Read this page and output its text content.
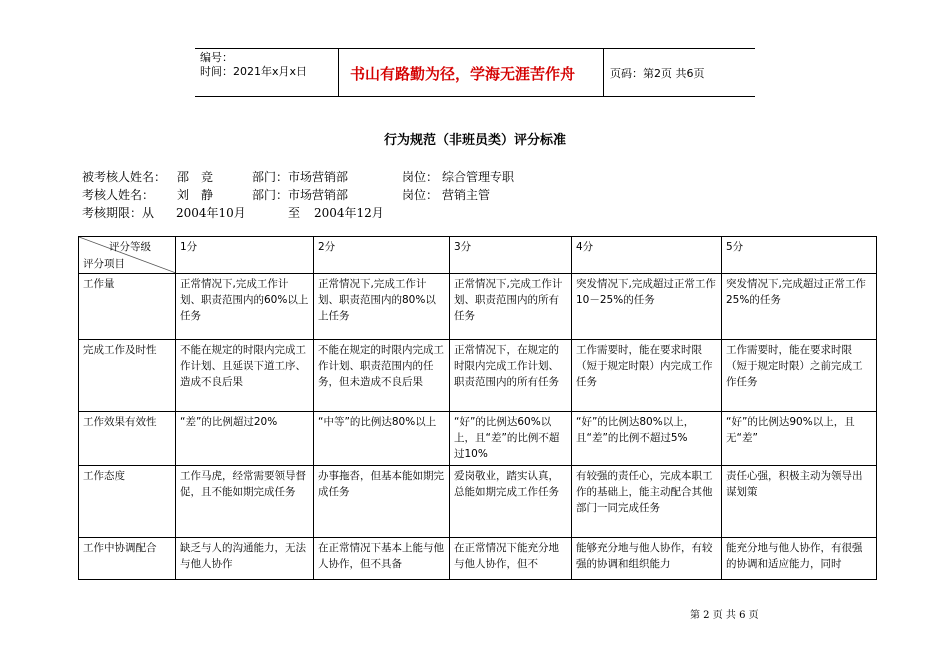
编号：
时间：2021年x月x日	书山有路勤为径，学海无涯苦作舟	页码：第2页 共6页
行为规范（非班员类）评分标准
被考核人姓名： 邵　竞	部门： 市场营销部	岗位： 综合管理专职
考核人姓名： 刘　静	部门： 市场营销部	岗位： 营销主管
考核期限：从 2004年10月	至 2004年12月
评分等级
评分项目	1分	2分	3分	4分	5分
工作量	正常情况下,完成工作计划、职责范围内的60%以上任务	正常情况下,完成工作计划、职责范围内的80%以上任务	正常情况下,完成工作计划、职责范围内的所有任务	突发情况下,完成超过正常工作10－25%的任务	突发情况下,完成超过正常工作25%的任务
完成工作及时性	不能在规定的时限内完成工作计划、且延误下道工序、造成不良后果	不能在规定的时限内完成工作计划、职责范围内的任务，但未造成不良后果	正常情况下，在规定的时限内完成工作计划、职责范围内的所有任务	工作需要时，能在要求时限（短于规定时限）内完成工作任务	工作需要时，能在要求时限（短于规定时限）之前完成工作任务
工作效果有效性	“差”的比例超过20%	“中等”的比例达80%以上	“好”的比例达60%以上，且“差”的比例不超过10%	“好”的比例达80%以上，且“差”的比例不超过5%	“好”的比例达90%以上，且无“差”
工作态度	工作马虎，经常需要领导督促，且不能如期完成任务	办事拖沓，但基本能如期完成任务	爱岗敬业，踏实认真，总能如期完成工作任务	有较强的责任心，完成本职工作的基础上，能主动配合其他部门一同完成任务	责任心强，积极主动为领导出谋划策
工作中协调配合	缺乏与人的沟通能力，无法与他人协作	在正常情况下基本上能与他人协作，但不具备	在正常情况下能充分地与他人协作，但不	能够充分地与他人协作，有较强的协调和组织能力	能充分地与他人协作，有很强的协调和适应能力，同时
第 2 页 共 6 页
